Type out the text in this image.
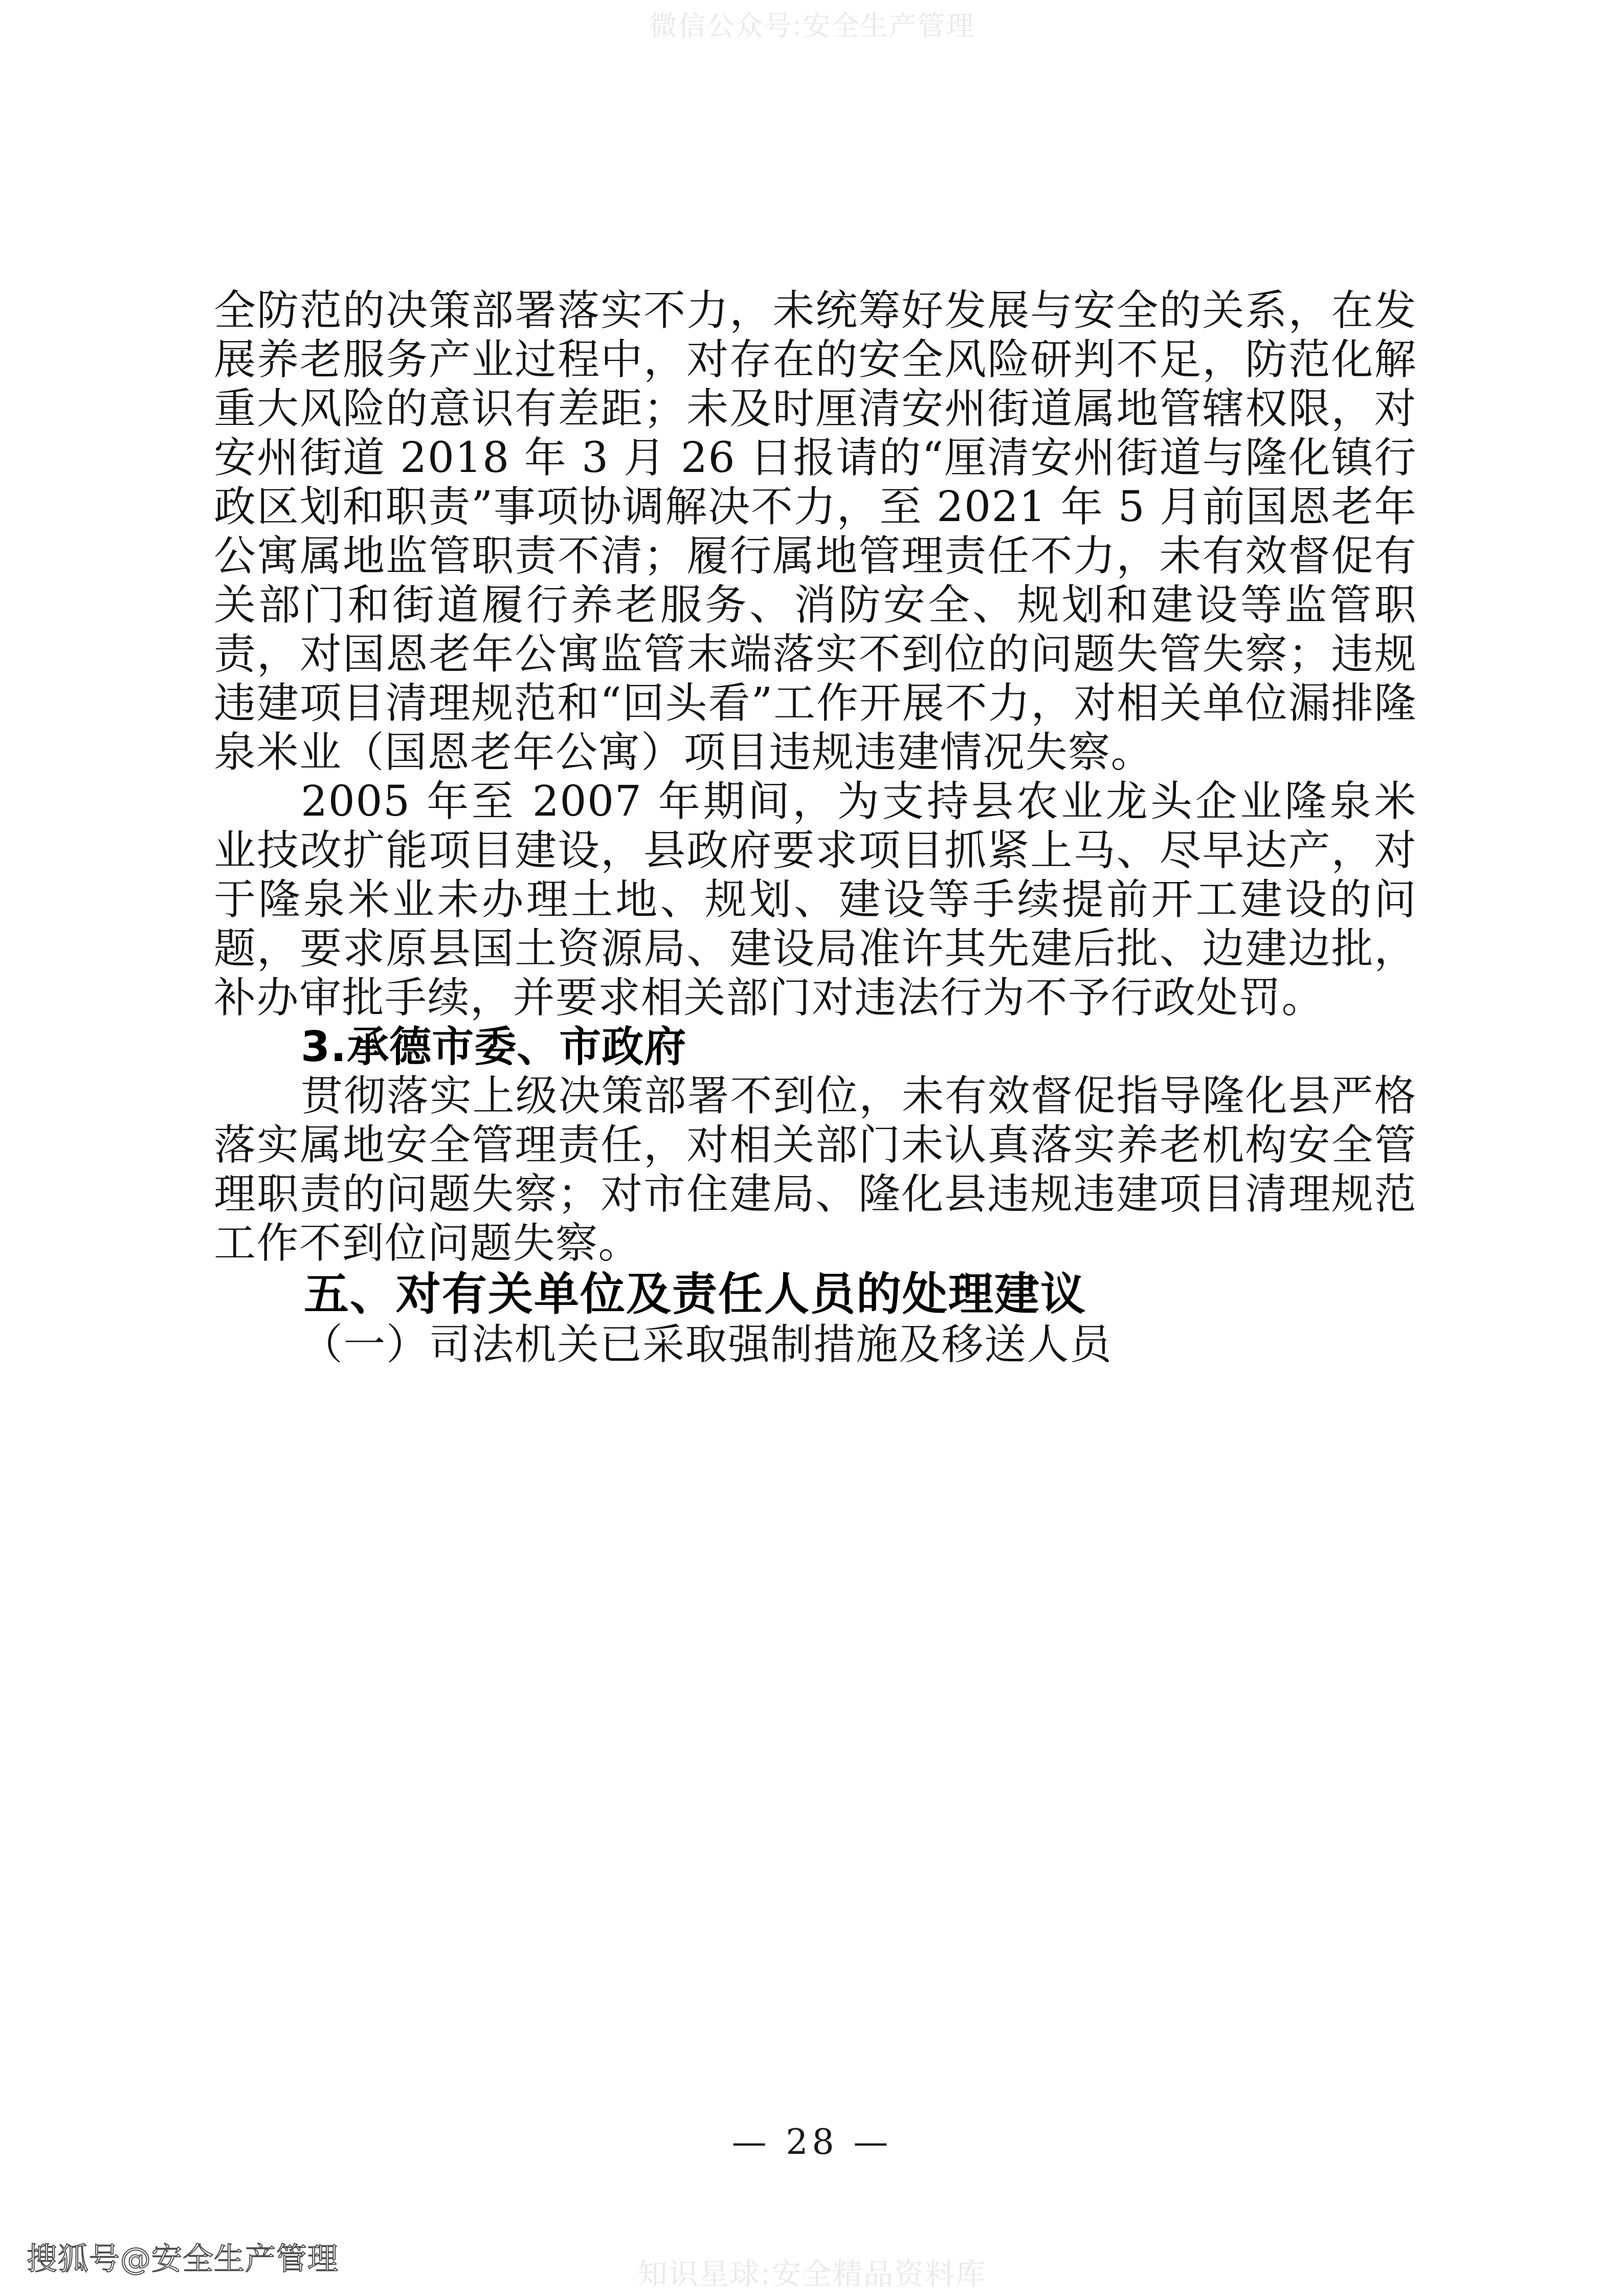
微信公众号:安全生产管理

全防范的决策部署落实不力，未统筹好发展与安全的关系，在发展养老服务产业过程中，对存在的安全风险研判不足，防范化解重大风险的意识有差距；未及时厘清安州街道属地管辖权限，对安州街道 2018 年 3 月 26 日报请的“厘清安州街道与隆化镇行政区划和职责”事项协调解决不力，至 2021 年 5 月前国恩老年公寓属地监管职责不清；履行属地管理责任不力，未有效督促有关部门和街道履行养老服务、消防安全、规划和建设等监管职责，对国恩老年公寓监管末端落实不到位的问题失管失察；违规违建项目清理规范和“回头看”工作开展不力，对相关单位漏排隆泉米业（国恩老年公寓）项目违规违建情况失察。

2005 年至 2007 年期间，为支持县农业龙头企业隆泉米业技改扩能项目建设，县政府要求项目抓紧上马、尽早达产，对于隆泉米业未办理土地、规划、建设等手续提前开工建设的问题，要求原县国土资源局、建设局准许其先建后批、边建边批，补办审批手续，并要求相关部门对违法行为不予行政处罚。

3.承德市委、市政府

贯彻落实上级决策部署不到位，未有效督促指导隆化县严格落实属地安全管理责任，对相关部门未认真落实养老机构安全管理职责的问题失察；对市住建局、隆化县违规违建项目清理规范工作不到位问题失察。

五、对有关单位及责任人员的处理建议

（一）司法机关已采取强制措施及移送人员

— 28 —
搜狐号@安全生产管理	知识星球:安全精品资料库
